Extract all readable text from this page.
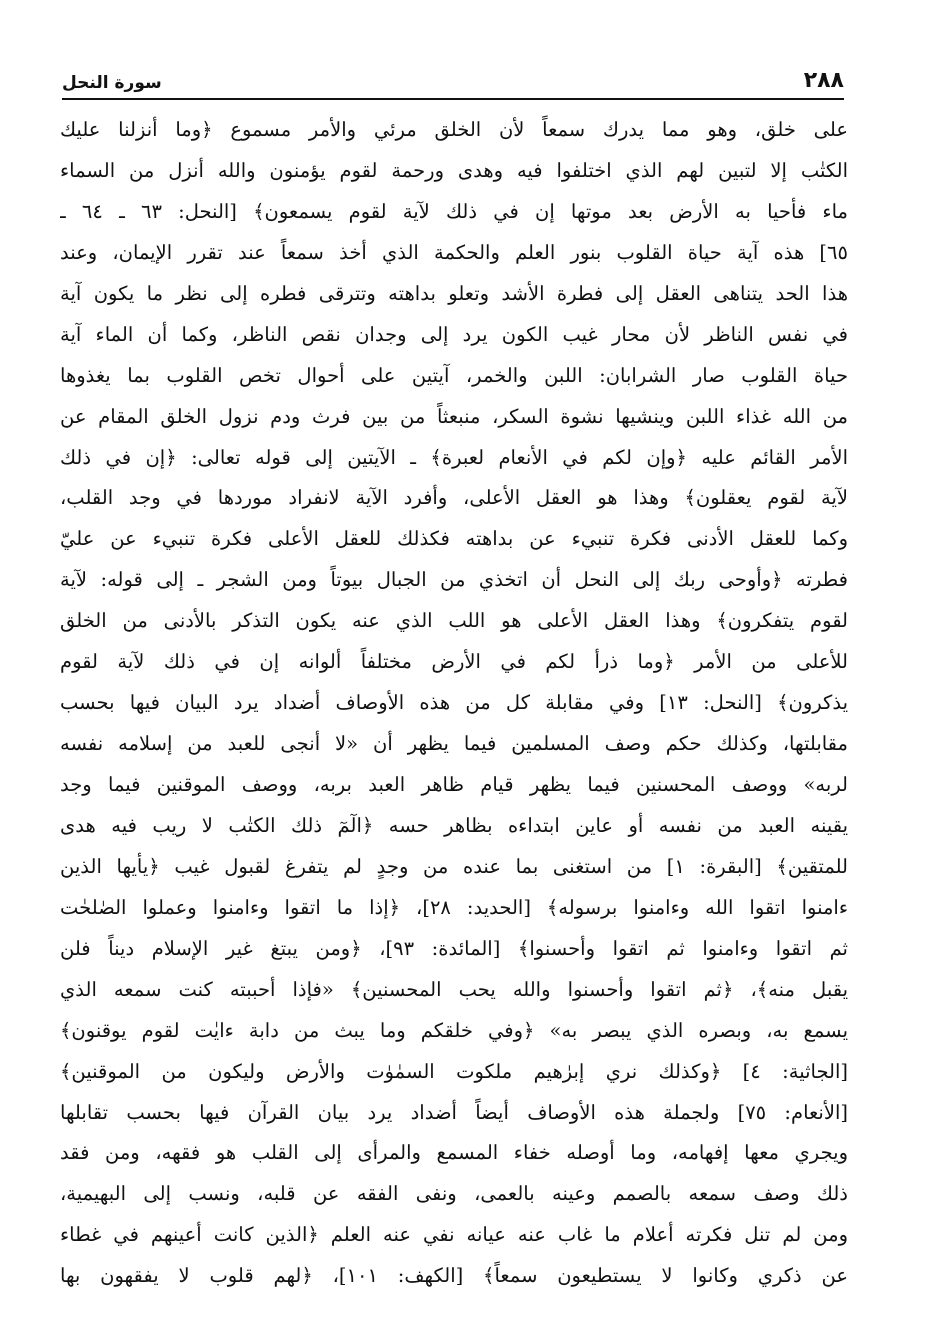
٢٨٨
سورة النحل
على خلق، وهو مما يدرك سمعاً لأن الخلق مرئي والأمر مسموع ﴿وما أنزلنا عليك
الكتٰب إلا لتبين لهم الذي اختلفوا فيه وهدى ورحمة لقوم يؤمنون والله أنزل من السماء
ماء فأحيا به الأرض بعد موتها إن في ذلك لآية لقوم يسمعون﴾ [النحل: ٦٣ ـ ٦٤ ـ
٦٥] هذه آية حياة القلوب بنور العلم والحكمة الذي أخذ سمعاً عند تقرر الإيمان، وعند
هذا الحد يتناهى العقل إلى فطرة الأشد وتعلو بداهته وتترقى فطره إلى نظر ما يكون آية
في نفس الناظر لأن محار غيب الكون يرد إلى وجدان نقص الناظر، وكما أن الماء آية
حياة القلوب صار الشرابان: اللبن والخمر، آيتين على أحوال تخص القلوب بما يغذوها
من الله غذاء اللبن وينشيها نشوة السكر، منبعثاً من بين فرث ودم نزول الخلق المقام عن
الأمر القائم عليه ﴿وإن لكم في الأنعام لعبرة﴾ ـ الآيتين إلى قوله تعالى: ﴿إن في ذلك
لآية لقوم يعقلون﴾ وهذا هو العقل الأعلى، وأفرد الآية لانفراد موردها في وجد القلب،
وكما للعقل الأدنى فكرة تنبيء عن بداهته فكذلك للعقل الأعلى فكرة تنبيء عن عليّ
فطرته ﴿وأوحى ربك إلى النحل أن اتخذي من الجبال بيوتاً ومن الشجر ـ إلى قوله: لآية
لقوم يتفكرون﴾ وهذا العقل الأعلى هو اللب الذي عنه يكون التذكر بالأدنى من الخلق
للأعلى من الأمر ﴿وما ذرأ لكم في الأرض مختلفاً ألوانه إن في ذلك لآية لقوم
يذكرون﴾ [النحل: ١٣] وفي مقابلة كل من هذه الأوصاف أضداد يرد البيان فيها بحسب
مقابلتها، وكذلك حكم وصف المسلمين فيما يظهر أن «لا أنجى للعبد من إسلامه نفسه
لربه» ووصف المحسنين فيما يظهر قيام ظاهر العبد بربه، ووصف الموقنين فيما وجد
يقينه العبد من نفسه أو عاين ابتداءه بظاهر حسه ﴿الٓمٓ ذلك الكتٰب لا ريب فيه هدى
للمتقين﴾ [البقرة: ١] من استغنى بما عنده من وجدٍ لم يتفرغ لقبول غيب ﴿يأيها الذين
ءامنوا اتقوا الله وءامنوا برسوله﴾ [الحديد: ٢٨]، ﴿إذا ما اتقوا وءامنوا وعملوا الصٰلحٰت
ثم اتقوا وءامنوا ثم اتقوا وأحسنوا﴾ [المائدة: ٩٣]، ﴿ومن يبتغ غير الإسلام ديناً فلن
يقبل منه﴾، ﴿ثم اتقوا وأحسنوا والله يحب المحسنين﴾ «فإذا أحببته كنت سمعه الذي
يسمع به، وبصره الذي يبصر به» ﴿وفي خلقكم وما يبث من دابة ءايٰت لقوم يوقنون﴾
[الجاثية: ٤] ﴿وكذلك نري إبرٰهيم ملكوت السمٰوٰت والأرض وليكون من الموقنين﴾
[الأنعام: ٧٥] ولجملة هذه الأوصاف أيضاً أضداد يرد بيان القرآن فيها بحسب تقابلها
ويجري معها إفهامه، وما أوصله خفاء المسمع والمرأى إلى القلب هو فقهه، ومن فقد
ذلك وصف سمعه بالصمم وعينه بالعمى، ونفى الفقه عن قلبه، ونسب إلى البهيمية،
ومن لم تنل فكرته أعلام ما غاب عنه عيانه نفي عنه العلم ﴿الذين كانت أعينهم في غطاء
عن ذكري وكانوا لا يستطيعون سمعاً﴾ [الكهف: ١٠١]، ﴿لهم قلوب لا يفقهون بها
